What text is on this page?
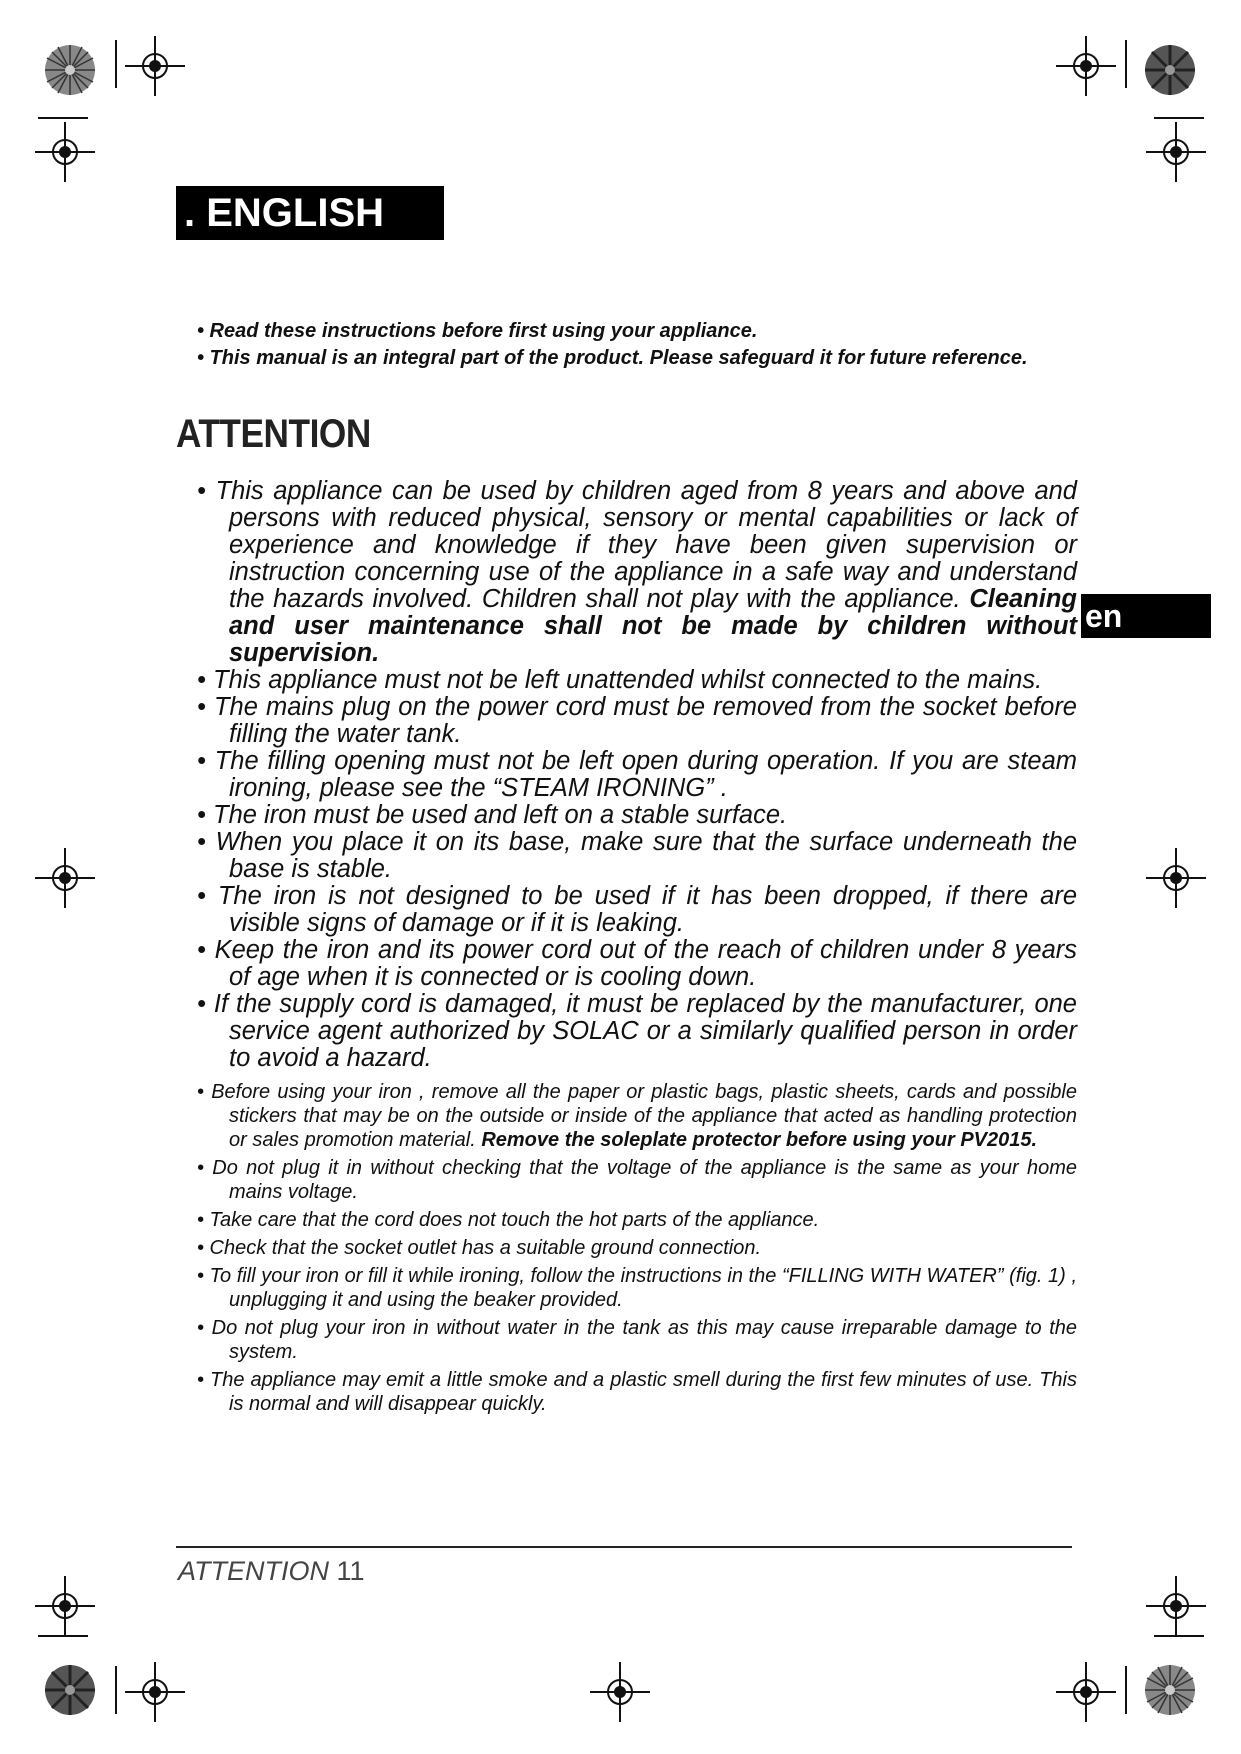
. ENGLISH
en
• Read these instructions before first using your appliance.
• This manual is an integral part of the product. Please safeguard it for future reference.
ATTENTION
• This appliance can be used by children aged from 8 years and above and persons with reduced physical, sensory or mental capabilities or lack of experience and knowledge if they have been given supervision or instruction concerning use of the appliance in a safe way and understand the hazards involved. Children shall not play with the appliance. Cleaning and user maintenance shall not be made by children without supervision.
• This appliance must not be left unattended whilst connected to the mains.
• The mains plug on the power cord must be removed from the socket before filling the water tank.
• The filling opening must not be left open during operation. If you are steam ironing, please see the “STEAM IRONING” .
• The iron must be used and left on a stable surface.
• When you place it on its base, make sure that the surface underneath the base is stable.
• The iron is not designed to be used if it has been dropped, if there are visible signs of damage or if it is leaking.
• Keep the iron and its power cord out of the reach of children under 8 years of age when it is connected or is cooling down.
• If the supply cord is damaged, it must be replaced by the manufacturer, one service agent authorized by SOLAC or a similarly qualified person in order to avoid a hazard.
• Before using your iron , remove all the paper or plastic bags, plastic sheets, cards and possible stickers that may be on the outside or inside of the appliance that acted as handling protection or sales promotion material. Remove the soleplate protector before using your PV2015.
• Do not plug it in without checking that the voltage of the appliance is the same as your home mains voltage.
• Take care that the cord does not touch the hot parts of the appliance.
• Check that the socket outlet has a suitable ground connection.
• To fill your iron or fill it while ironing, follow the instructions in the “FILLING WITH WATER” (fig. 1) , unplugging it and using the beaker provided.
• Do not plug your iron in without water in the tank as this may cause irreparable damage to the system.
• The appliance may emit a little smoke and a plastic smell during the first few minutes of use. This is normal and will disappear quickly.
ATTENTION 11
